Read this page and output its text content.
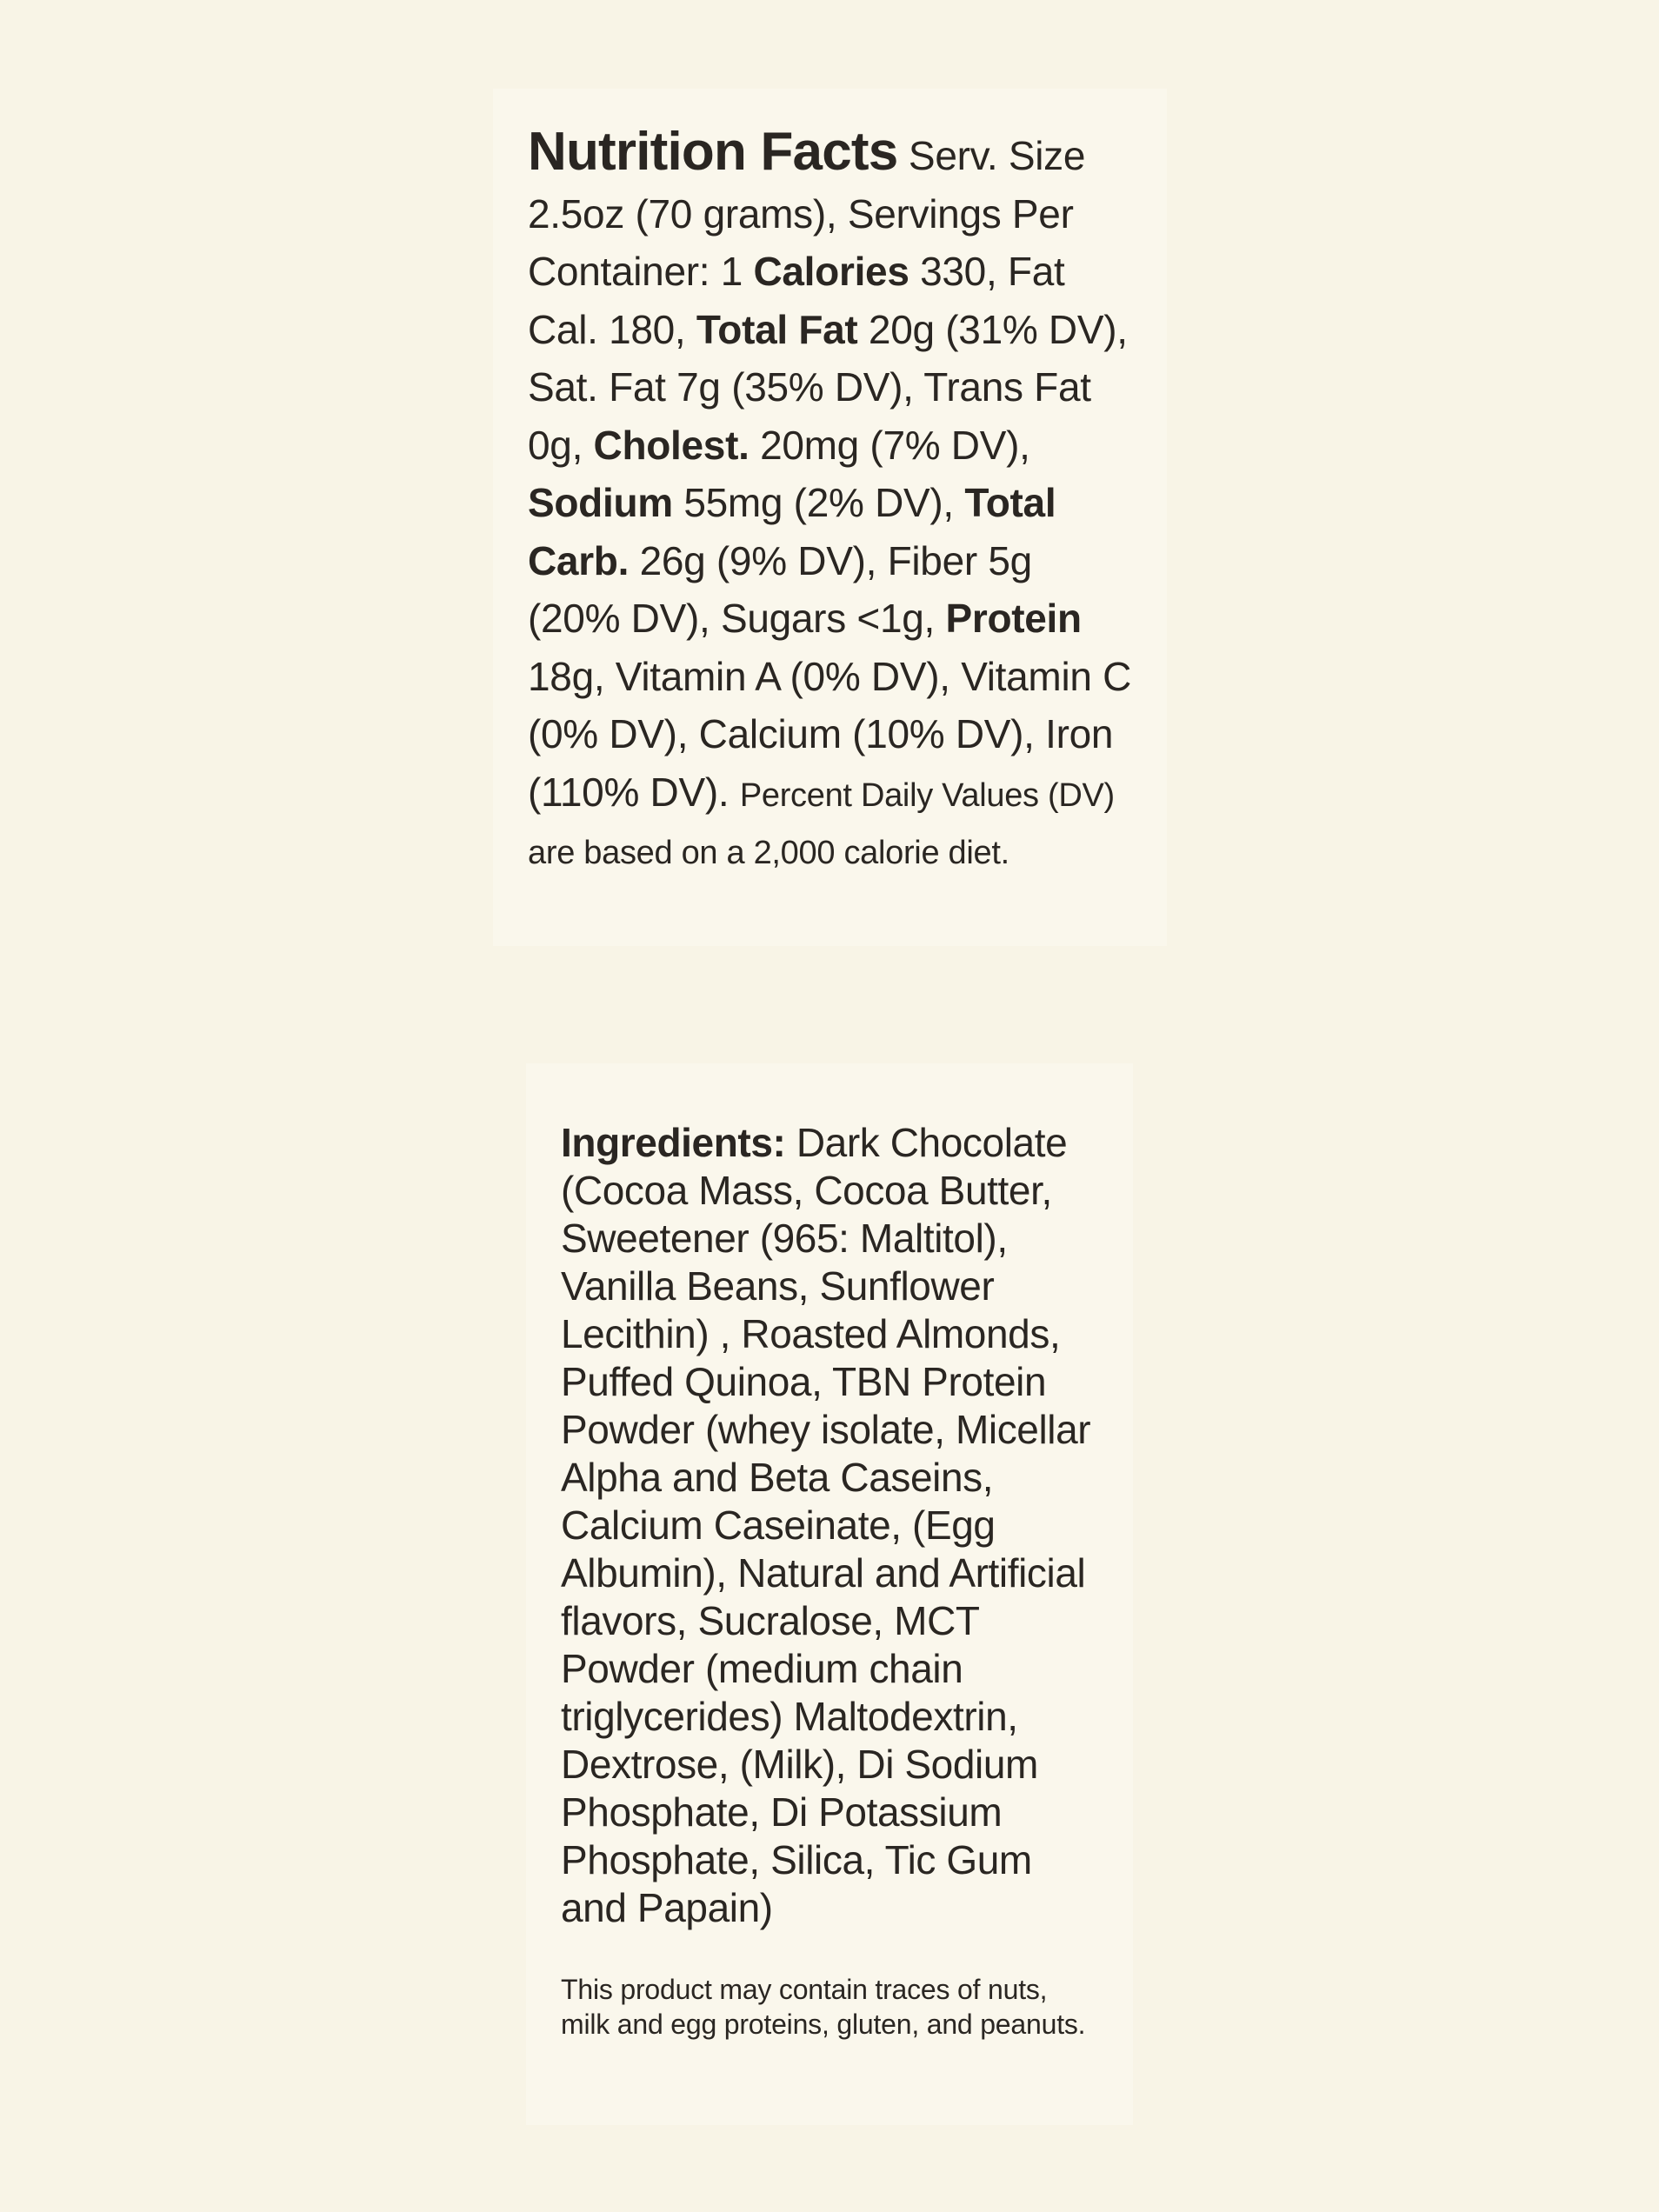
Nutrition Facts Serv. Size 2.5oz (70 grams), Servings Per Container: 1 Calories 330, Fat Cal. 180, Total Fat 20g (31% DV), Sat. Fat 7g (35% DV), Trans Fat 0g, Cholest. 20mg (7% DV), Sodium 55mg (2% DV), Total Carb. 26g (9% DV), Fiber 5g (20% DV), Sugars <1g, Protein 18g, Vitamin A (0% DV), Vitamin C (0% DV), Calcium (10% DV), Iron (110% DV). Percent Daily Values (DV) are based on a 2,000 calorie diet.

Ingredients: Dark Chocolate (Cocoa Mass, Cocoa Butter, Sweetener (965: Maltitol), Vanilla Beans, Sunflower Lecithin) , Roasted Almonds, Puffed Quinoa, TBN Protein Powder (whey isolate, Micellar Alpha and Beta Caseins, Calcium Caseinate, (Egg Albumin), Natural and Artificial flavors, Sucralose, MCT Powder (medium chain triglycerides) Maltodextrin, Dextrose, (Milk), Di Sodium Phosphate, Di Potassium Phosphate, Silica, Tic Gum and Papain)

This product may contain traces of nuts, milk and egg proteins, gluten, and peanuts.
